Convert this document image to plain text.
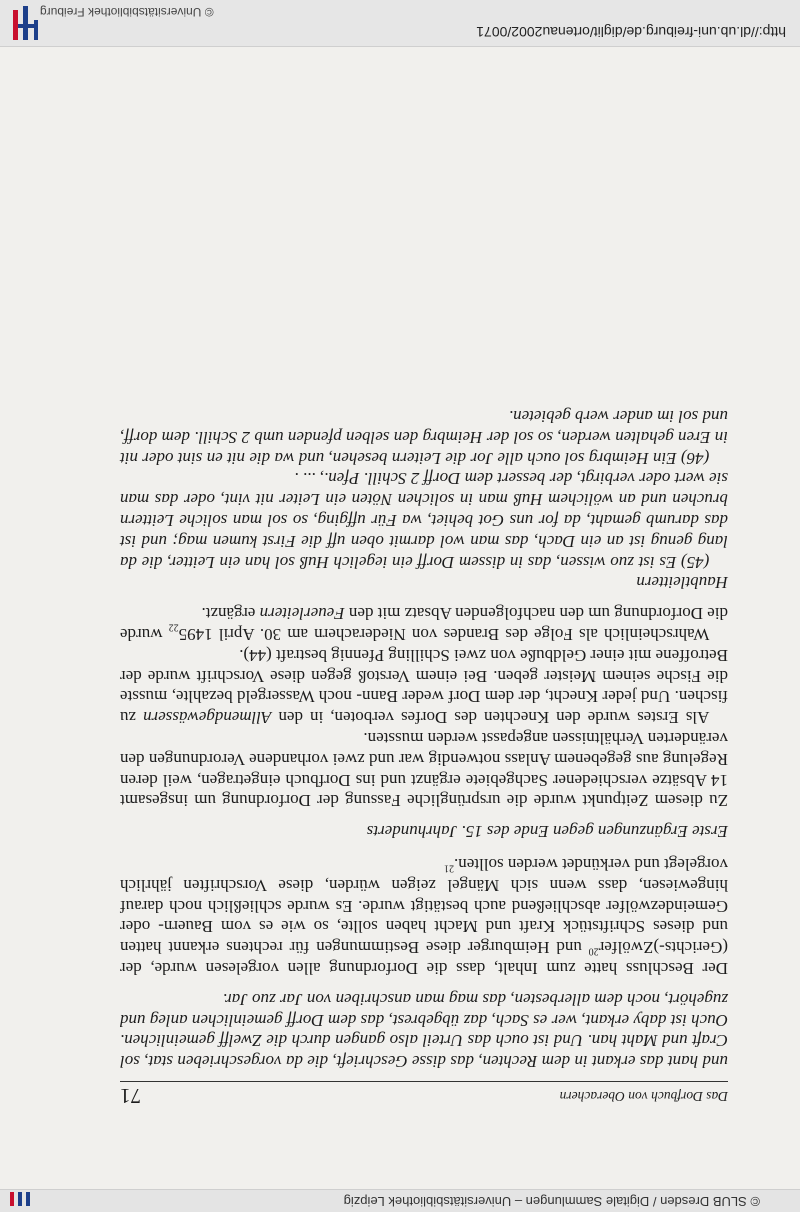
© SLUB Dresden / Digitale Sammlungen – Universitätsbibliothek Leipzig
Das Dorfbuch von Oberachern
71

und hant das erkant in dem Rechten, das disse Geschrieft, die da vorgeschrieben stat, sol Craft und Maht han. Und ist ouch das Urteil also gangen durch die Zwelff gemeinlichen. Ouch ist daby erkant, wer es Sach, daz übgebrest, das dem Dorff gemeinlichen anleg und zugehört, noch dem allerbesten, das mag man anschriben von Jar zuo Jar.

Der Beschluss hatte zum Inhalt, dass die Dorfordnung allen vorgelesen wurde, der (Gerichts-)Zwölfer$^{20}$ und Heimburger diese Bestimmungen für rechtens erkannt hatten und dieses Schriftstück Kraft und Macht haben sollte, so wie es vom Bauern- oder Gemeindezwölfer abschließend auch bestätigt wurde. Es wurde schließlich noch darauf hingewiesen, dass wenn sich Mängel zeigen würden, diese Vorschriften jährlich vorgelegt und verkündet werden sollten.$^{21}$

Erste Ergänzungen gegen Ende des 15. Jahrhunderts

Zu diesem Zeitpunkt wurde die ursprüngliche Fassung der Dorfordnung um insgesamt 14 Absätze verschiedener Sachgebiete ergänzt und ins Dorfbuch eingetragen, weil deren Regelung aus gegebenem Anlass notwendig war und zwei vorhandene Verordnungen den veränderten Verhältnissen angepasst werden mussten.

Als Erstes wurde den Knechten des Dorfes verboten, in den Allmendgewässern zu fischen. Und jeder Knecht, der dem Dorf weder Bann- noch Wassergeld bezahlte, musste die Fische seinem Meister geben. Bei einem Verstoß gegen diese Vorschrift wurde der Betroffene mit einer Geldbuße von zwei Schilling Pfennig bestraft (44).

Wahrscheinlich als Folge des Brandes von Niederachern am 30. April $1495_{22}$ wurde die Dorfordnung um den nachfolgenden Absatz mit den Feuerleitern ergänzt.

Haubtleittern

(45) Es ist zuo wissen, das in dissem Dorff ein iegelich Huß sol han ein Leitter, die da lang genug ist an ein Dach, das man wol darmit oben uff die First kumen mag; und ist das darumb gemaht, da for uns Got behiet, wa Für uffging, so sol man soliche Leittern bruchen und an wölichem Huß man in solichen Nöten ein Leiter nit vint, oder das man sie wert oder verbirgt, der bessert dem Dorff 2 Schill. Pfen., ... .

(46) Ein Heimbrg sol ouch alle Jor die Leitern besehen, und wa die nit en sint oder nit in Eren gehalten werden, so sol der Heimbrg den selben pfenden umb 2 Schill. dem dorff, und sol im ander werb gebieten.

http://dl.ub.uni-freiburg.de/diglit/ortenau2002/0071
© Universitätsbibliothek Freiburg
